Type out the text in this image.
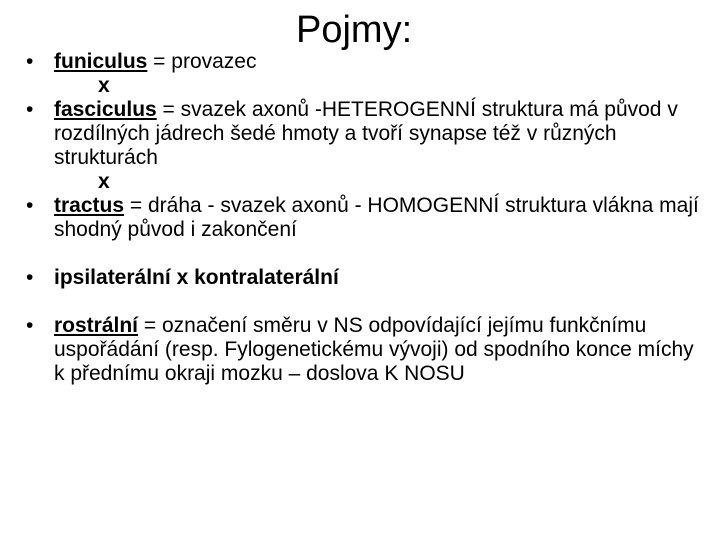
Pojmy:
• funiculus = provazec
x
• fasciculus = svazek axonů -HETEROGENNÍ struktura má původ v rozdílných jádrech šedé hmoty a tvoří synapse též v různých strukturách
x
• tractus = dráha - svazek axonů - HOMOGENNÍ struktura vlákna mají shodný původ i zakončení
• ipsilaterální x kontralaterální
• rostrální = označení směru v NS odpovídající jejímu funkčnímu uspořádání (resp. Fylogenetickému vývoji) od spodního konce míchy k přednímu okraji mozku – doslova K NOSU
